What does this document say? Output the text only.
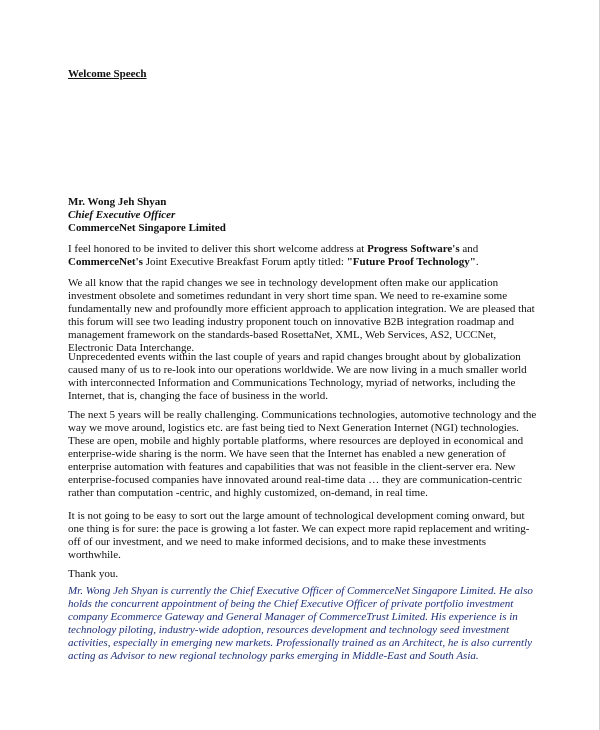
Welcome Speech
Mr. Wong Jeh Shyan
Chief Executive Officer
CommerceNet Singapore Limited

I feel honored to be invited to deliver this short welcome address at Progress Software's and CommerceNet's Joint Executive Breakfast Forum aptly titled: "Future Proof Technology".

We all know that the rapid changes we see in technology development often make our application investment obsolete and sometimes redundant in very short time span. We need to re-examine some fundamentally new and profoundly more efficient approach to application integration. We are pleased that this forum will see two leading industry proponent touch on innovative B2B integration roadmap and management framework on the standards-based RosettaNet, XML, Web Services, AS2, UCCNet, Electronic Data Interchange.

Unprecedented events within the last couple of years and rapid changes brought about by globalization caused many of us to re-look into our operations worldwide. We are now living in a much smaller world with interconnected Information and Communications Technology, myriad of networks, including the Internet, that is, changing the face of business in the world.

The next 5 years will be really challenging. Communications technologies, automotive technology and the way we move around, logistics etc. are fast being tied to Next Generation Internet (NGI) technologies. These are open, mobile and highly portable platforms, where resources are deployed in economical and enterprise-wide sharing is the norm. We have seen that the Internet has enabled a new generation of enterprise automation with features and capabilities that was not feasible in the client-server era. New enterprise-focused companies have innovated around real-time data … they are communication-centric rather than computation -centric, and highly customized, on-demand, in real time.

It is not going to be easy to sort out the large amount of technological development coming onward, but one thing is for sure: the pace is growing a lot faster. We can expect more rapid replacement and writing-off of our investment, and we need to make informed decisions, and to make these investments worthwhile.

Thank you.

Mr. Wong Jeh Shyan is currently the Chief Executive Officer of CommerceNet Singapore Limited. He also holds the concurrent appointment of being the Chief Executive Officer of private portfolio investment company Ecommerce Gateway and General Manager of CommerceTrust Limited. His experience is in technology piloting, industry-wide adoption, resources development and technology seed investment activities, especially in emerging new markets. Professionally trained as an Architect, he is also currently acting as Advisor to new regional technology parks emerging in Middle-East and South Asia.
